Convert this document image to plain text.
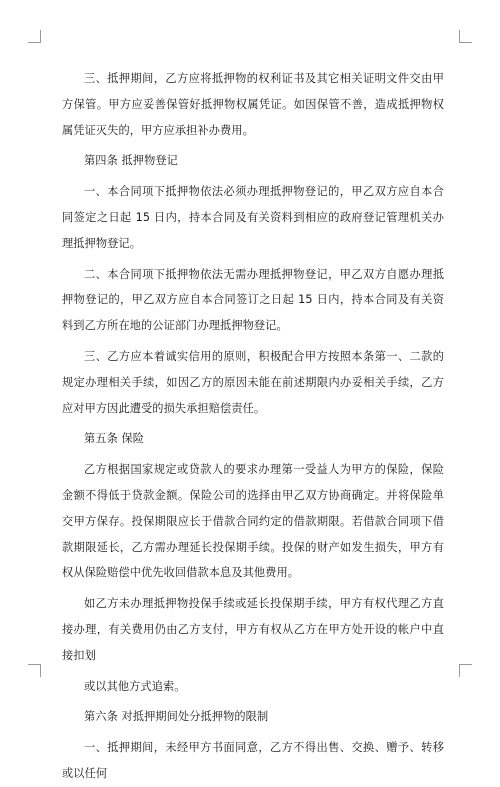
三、抵押期间，乙方应将抵押物的权利证书及其它相关证明文件交由甲方保管。甲方应妥善保管好抵押物权属凭证。如因保管不善，造成抵押物权属凭证灭失的，甲方应承担补办费用。

第四条 抵押物登记

一、本合同项下抵押物依法必须办理抵押物登记的，甲乙双方应自本合同签定之日起 15 日内，持本合同及有关资料到相应的政府登记管理机关办理抵押物登记。

二、本合同项下抵押物依法无需办理抵押物登记，甲乙双方自愿办理抵押物登记的，甲乙双方应自本合同签订之日起 15 日内，持本合同及有关资料到乙方所在地的公证部门办理抵押物登记。

三、乙方应本着诚实信用的原则，积极配合甲方按照本条第一、二款的规定办理相关手续，如因乙方的原因未能在前述期限内办妥相关手续，乙方应对甲方因此遭受的损失承担赔偿责任。

第五条 保险

乙方根据国家规定或贷款人的要求办理第一受益人为甲方的保险，保险金额不得低于贷款金额。保险公司的选择由甲乙双方协商确定。并将保险单交甲方保存。投保期限应长于借款合同约定的借款期限。若借款合同项下借款期限延长，乙方需办理延长投保期手续。投保的财产如发生损失，甲方有权从保险赔偿中优先收回借款本息及其他费用。

如乙方未办理抵押物投保手续或延长投保期手续，甲方有权代理乙方直接办理，有关费用仍由乙方支付，甲方有权从乙方在甲方处开设的帐户中直接扣划

或以其他方式追索。

第六条 对抵押期间处分抵押物的限制

一、抵押期间，未经甲方书面同意，乙方不得出售、交换、赠予、转移或以任何
